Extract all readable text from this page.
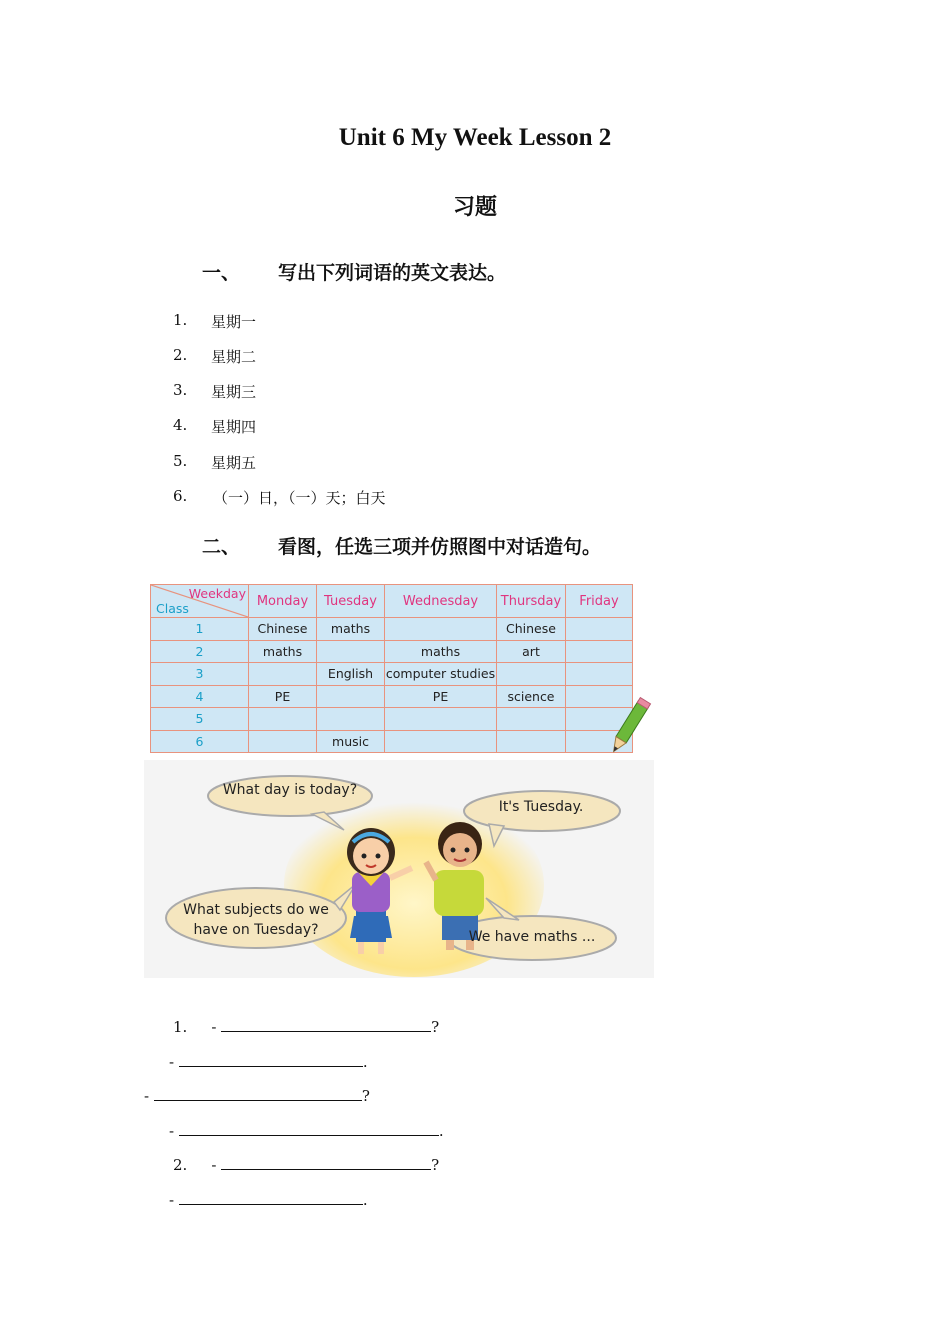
Unit 6 My Week Lesson 2
习题
一、 写出下列词语的英文表达。
1. 星期一
2. 星期二
3. 星期三
4. 星期四
5. 星期五
6. （一）日，（一）天；白天
二、 看图，任选三项并仿照图中对话造句。
Weekday
Class	Monday	Tuesday	Wednesday	Thursday	Friday
1	Chinese	maths		Chinese	
2	maths		maths	art	
3		English	computer studies		
4	PE		PE	science	
5					
6		music			
What day is today?
It's Tuesday.
What subjects do we
have on Tuesday?	We have maths ...
1. -	?
-	.
-	?
-	.
2. -	?
-	.
